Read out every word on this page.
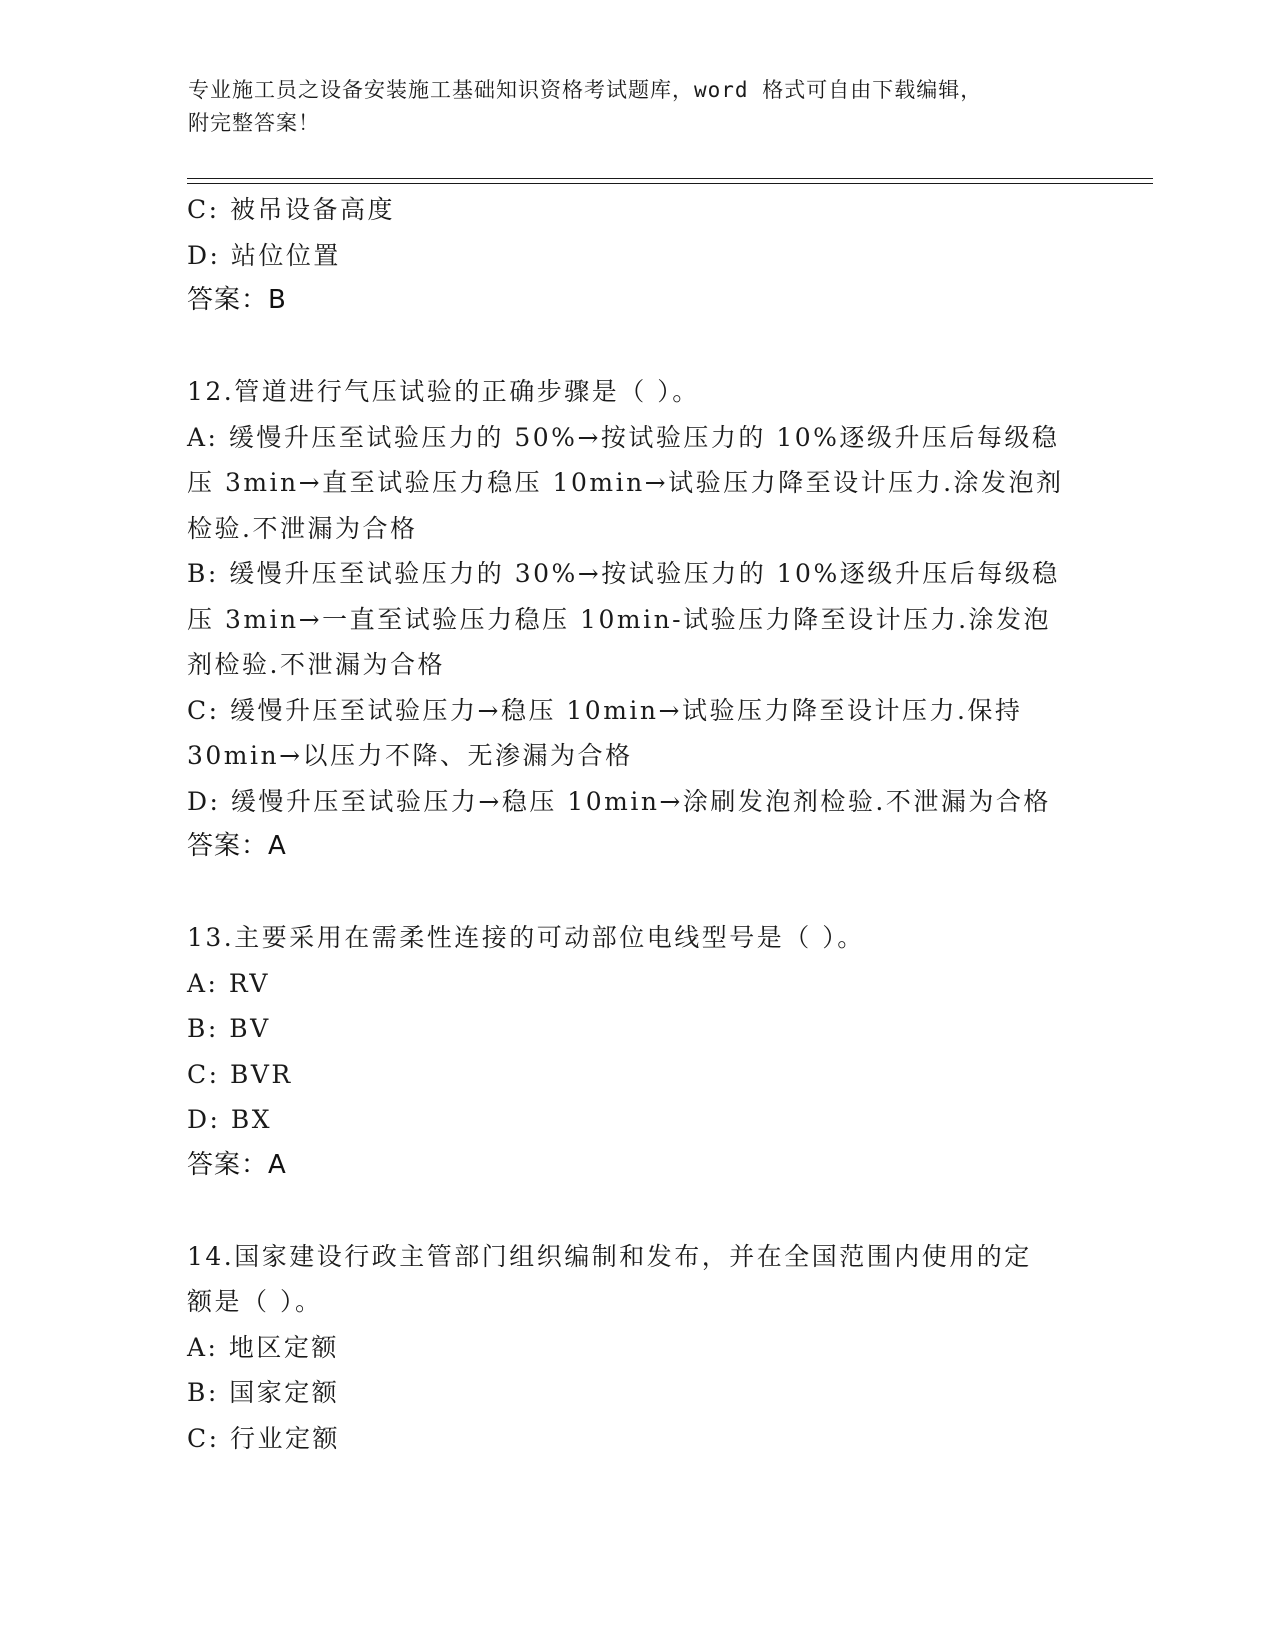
专业施工员之设备安装施工基础知识资格考试题库，word 格式可自由下载编辑，
附完整答案！
C: 被吊设备高度
D: 站位位置
答案：B
12.管道进行气压试验的正确步骤是（ ）。
A: 缓慢升压至试验压力的 50%→按试验压力的 10%逐级升压后每级稳
压 3min→直至试验压力稳压 10min→试验压力降至设计压力.涂发泡剂
检验.不泄漏为合格
B: 缓慢升压至试验压力的 30%→按试验压力的 10%逐级升压后每级稳
压 3min→一直至试验压力稳压 10min-试验压力降至设计压力.涂发泡
剂检验.不泄漏为合格
C: 缓慢升压至试验压力→稳压 10min→试验压力降至设计压力.保持
30min→以压力不降、无渗漏为合格
D: 缓慢升压至试验压力→稳压 10min→涂刷发泡剂检验.不泄漏为合格
答案：A
13.主要采用在需柔性连接的可动部位电线型号是（ ）。
A: RV
B: BV
C: BVR
D: BX
答案：A
14.国家建设行政主管部门组织编制和发布，并在全国范围内使用的定
额是（ ）。
A: 地区定额
B: 国家定额
C: 行业定额
